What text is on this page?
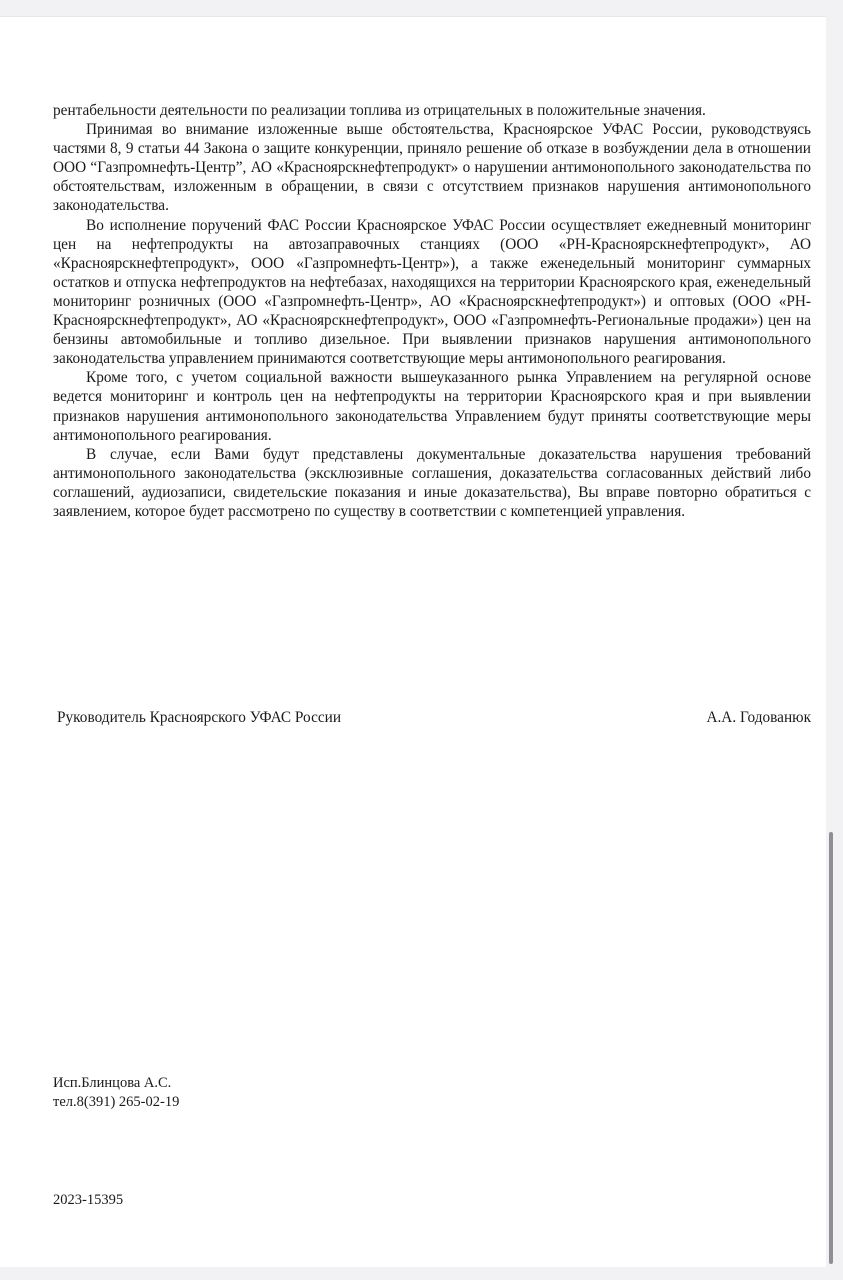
рентабельности деятельности по реализации топлива из отрицательных в положительные значения.

Принимая во внимание изложенные выше обстоятельства, Красноярское УФАС России, руководствуясь частями 8, 9 статьи 44 Закона о защите конкуренции, приняло решение об отказе в возбуждении дела в отношении ООО “Газпромнефть-Центр”, АО «Красноярскнефтепродукт» о нарушении антимонопольного законодательства по обстоятельствам, изложенным в обращении, в связи с отсутствием признаков нарушения антимонопольного законодательства.

Во исполнение поручений ФАС России Красноярское УФАС России осуществляет ежедневный мониторинг цен на нефтепродукты на автозаправочных станциях (ООО «РН-Красноярскнефтепродукт», АО «Красноярскнефтепродукт», ООО «Газпромнефть-Центр»), а также еженедельный мониторинг суммарных остатков и отпуска нефтепродуктов на нефтебазах, находящихся на территории Красноярского края, еженедельный мониторинг розничных (ООО «Газпромнефть-Центр», АО «Красноярскнефтепродукт») и оптовых (ООО «РН-Красноярскнефтепродукт», АО «Красноярскнефтепродукт», ООО «Газпромнефть-Региональные продажи») цен на бензины автомобильные и топливо дизельное. При выявлении признаков нарушения антимонопольного законодательства управлением принимаются соответствующие меры антимонопольного реагирования.

Кроме того, с учетом социальной важности вышеуказанного рынка Управлением на регулярной основе ведется мониторинг и контроль цен на нефтепродукты на территории Красноярского края и при выявлении признаков нарушения антимонопольного законодательства Управлением будут приняты соответствующие меры антимонопольного реагирования.

В случае, если Вами будут представлены документальные доказательства нарушения требований антимонопольного законодательства (эксклюзивные соглашения, доказательства согласованных действий либо соглашений, аудиозаписи, свидетельские показания и иные доказательства), Вы вправе повторно обратиться с заявлением, которое будет рассмотрено по существу в соответствии с компетенцией управления.

Руководитель Красноярского УФАС России	А.А. Годованюк
Исп.Блинцова А.С.
тел.8(391) 265-02-19
2023-15395
